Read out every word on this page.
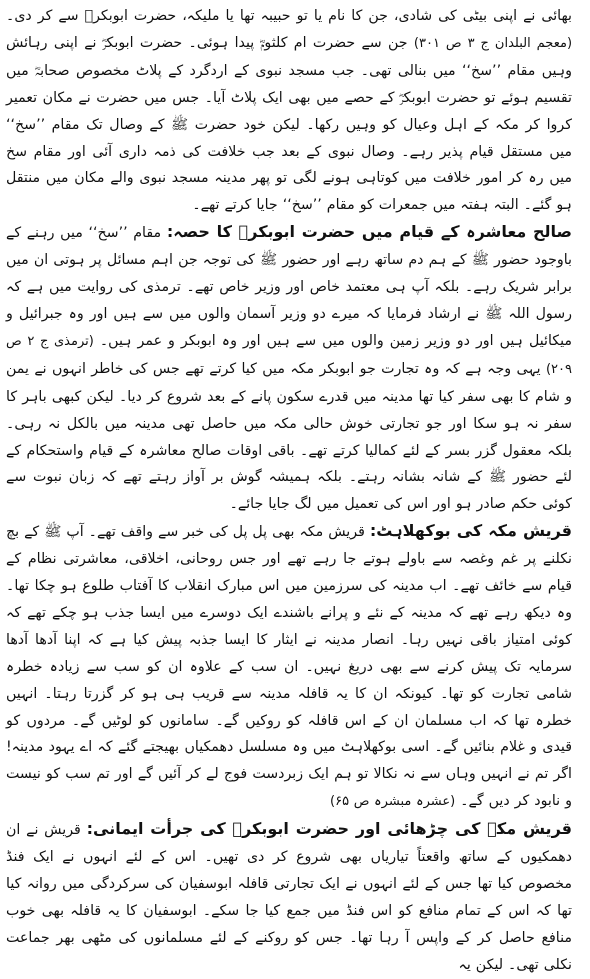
بھائی نے اپنی بیٹی کی شادی، جن کا نام یا تو حبیبہ تھا یا ملیکہ، حضرت ابوبکرؓ سے کر دی۔ (معجم البلدان ج ۳ ص ۳۰۱) جن سے حضرت ام کلثومؓ پیدا ہوئی۔ حضرت ابوبکرؓ نے اپنی رہائش وہیں مقام ’’سخ‘‘ میں بنالی تھی۔ جب مسجد نبوی کے اردگرد کے پلاٹ مخصوص صحابہؓ میں تقسیم ہوئے تو حضرت ابوبکرؓ کے حصے میں بھی ایک پلاٹ آیا۔ جس میں حضرت نے مکان تعمیر کروا کر مکہ کے اہل وعیال کو وہیں رکھا۔ لیکن خود حضرت ﷺ کے وصال تک مقام ’’سخ‘‘ میں مستقل قیام پذیر رہے۔ وصال نبوی کے بعد جب خلافت کی ذمہ داری آئی اور مقام سخ میں رہ کر امور خلافت میں کوتاہی ہونے لگی تو پھر مدینہ مسجد نبوی والے مکان میں منتقل ہو گئے۔ البتہ ہفتہ میں جمعرات کو مقام ’’سخ‘‘ جایا کرتے تھے۔

صالح معاشرہ کے قیام میں حضرت ابوبکرؓ کا حصہ: مقام ’’سخ‘‘ میں رہنے کے باوجود حضور ﷺ کے ہم دم ساتھ رہے اور حضور ﷺ کی توجہ جن اہم مسائل پر ہوتی ان میں برابر شریک رہے۔ بلکہ آپ ہی معتمد خاص اور وزیر خاص تھے۔ ترمذی کی روایت میں ہے کہ رسول اللہ ﷺ نے ارشاد فرمایا کہ میرے دو وزیر آسمان والوں میں سے ہیں اور وہ جبرائیل و میکائیل ہیں اور دو وزیر زمین والوں میں سے ہیں اور وہ ابوبکر و عمر ہیں۔ (ترمذی ج ۲ ص ۲۰۹) یہی وجہ ہے کہ وہ تجارت جو ابوبکر مکہ میں کیا کرتے تھے جس کی خاطر انہوں نے یمن و شام کا بھی سفر کیا تھا مدینہ میں قدرے سکون پانے کے بعد شروع کر دیا۔ لیکن کبھی باہر کا سفر نہ ہو سکا اور جو تجارتی خوش حالی مکہ میں حاصل تھی مدینہ میں بالکل نہ رہی۔ بلکہ معقول گزر بسر کے لئے کمالیا کرتے تھے۔ باقی اوقات صالح معاشرہ کے قیام واستحکام کے لئے حضور ﷺ کے شانہ بشانہ رہتے۔ بلکہ ہمیشہ گوش بر آواز رہتے تھے کہ زبان نبوت سے کوئی حکم صادر ہو اور اس کی تعمیل میں لگ جایا جائے۔

قریش مکہ کی بوکھلاہٹ: قریش مکہ بھی پل پل کی خبر سے واقف تھے۔ آپ ﷺ کے بچ نکلنے پر غم وغصہ سے باولے ہوتے جا رہے تھے اور جس روحانی، اخلاقی، معاشرتی نظام کے قیام سے خائف تھے۔ اب مدینہ کی سرزمین میں اس مبارک انقلاب کا آفتاب طلوع ہو چکا تھا۔ وہ دیکھ رہے تھے کہ مدینہ کے نئے و پرانے باشندے ایک دوسرے میں ایسا جذب ہو چکے تھے کہ کوئی امتیاز باقی نہیں رہا۔ انصار مدینہ نے ایثار کا ایسا جذبہ پیش کیا ہے کہ اپنا آدھا آدھا سرمایہ تک پیش کرنے سے بھی دریغ نہیں۔ ان سب کے علاوہ ان کو سب سے زیادہ خطرہ شامی تجارت کو تھا۔ کیونکہ ان کا یہ قافلہ مدینہ سے قریب ہی ہو کر گزرتا رہتا۔ انہیں خطرہ تھا کہ اب مسلمان ان کے اس قافلہ کو روکیں گے۔ سامانوں کو لوٹیں گے۔ مردوں کو قیدی و غلام بنائیں گے۔ اسی بوکھلاہٹ میں وہ مسلسل دھمکیاں بھیجتے گئے کہ اے یہود مدینہ! اگر تم نے انہیں وہاں سے نہ نکالا تو ہم ایک زبردست فوج لے کر آئیں گے اور تم سب کو نیست و نابود کر دیں گے۔ (عشرہ مبشرہ ص ۶۵)

قریش مکہ کی چڑھائی اور حضرت ابوبکرؓ کی جرأت ایمانی: قریش نے ان دھمکیوں کے ساتھ واقعتاً تیاریاں بھی شروع کر دی تھیں۔ اس کے لئے انہوں نے ایک فنڈ مخصوص کیا تھا جس کے لئے انہوں نے ایک تجارتی قافلہ ابوسفیان کی سرکردگی میں روانہ کیا تھا کہ اس کے تمام منافع کو اس فنڈ میں جمع کیا جا سکے۔ ابوسفیان کا یہ قافلہ بھی خوب منافع حاصل کر کے واپس آ رہا تھا۔ جس کو روکنے کے لئے مسلمانوں کی مٹھی بھر جماعت نکلی تھی۔ لیکن یہ
